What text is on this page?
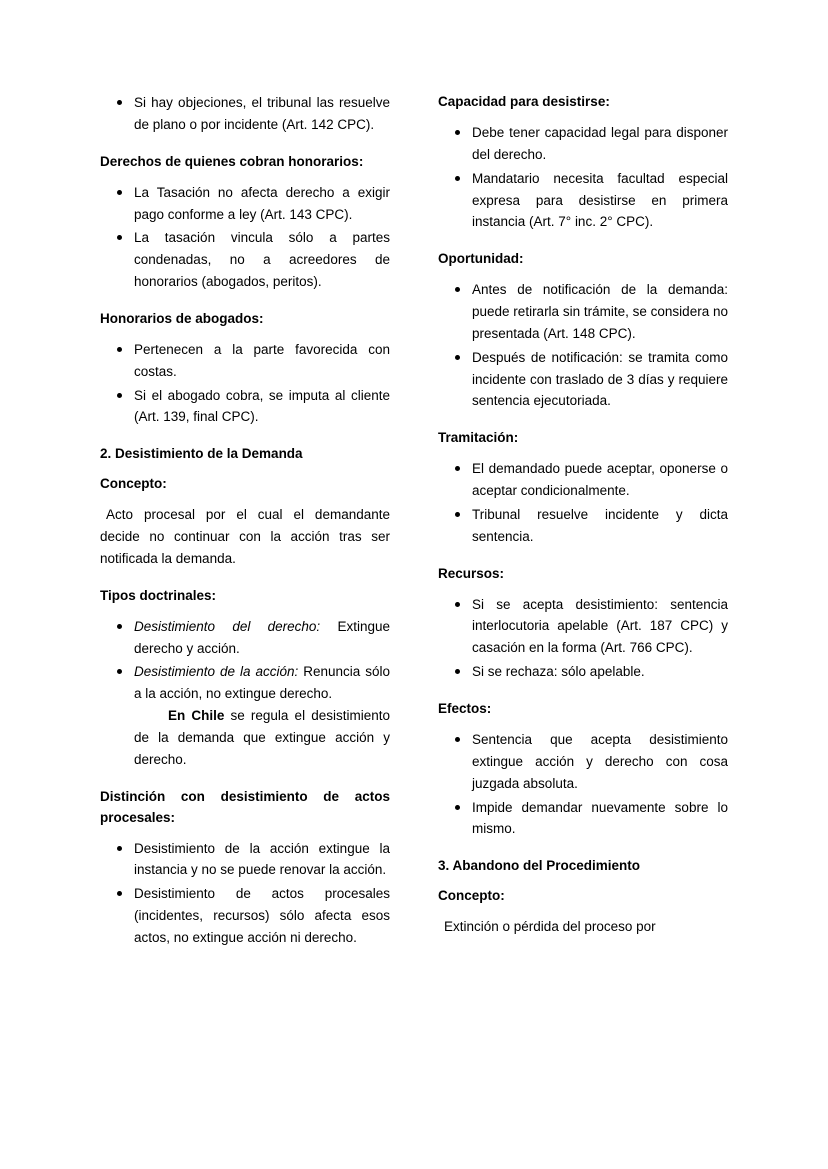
Si hay objeciones, el tribunal las resuelve de plano o por incidente (Art. 142 CPC).
Derechos de quienes cobran honorarios:
La Tasación no afecta derecho a exigir pago conforme a ley (Art. 143 CPC).
La tasación vincula sólo a partes condenadas, no a acreedores de honorarios (abogados, peritos).
Honorarios de abogados:
Pertenecen a la parte favorecida con costas.
Si el abogado cobra, se imputa al cliente (Art. 139, final CPC).
2. Desistimiento de la Demanda
Concepto:
Acto procesal por el cual el demandante decide no continuar con la acción tras ser notificada la demanda.
Tipos doctrinales:
Desistimiento del derecho: Extingue derecho y acción.
Desistimiento de la acción: Renuncia sólo a la acción, no extingue derecho.
En Chile se regula el desistimiento de la demanda que extingue acción y derecho.
Distinción con desistimiento de actos procesales:
Desistimiento de la acción extingue la instancia y no se puede renovar la acción.
Desistimiento de actos procesales (incidentes, recursos) sólo afecta esos actos, no extingue acción ni derecho.
Capacidad para desistirse:
Debe tener capacidad legal para disponer del derecho.
Mandatario necesita facultad especial expresa para desistirse en primera instancia (Art. 7° inc. 2° CPC).
Oportunidad:
Antes de notificación de la demanda: puede retirarla sin trámite, se considera no presentada (Art. 148 CPC).
Después de notificación: se tramita como incidente con traslado de 3 días y requiere sentencia ejecutoriada.
Tramitación:
El demandado puede aceptar, oponerse o aceptar condicionalmente.
Tribunal resuelve incidente y dicta sentencia.
Recursos:
Si se acepta desistimiento: sentencia interlocutoria apelable (Art. 187 CPC) y casación en la forma (Art. 766 CPC).
Si se rechaza: sólo apelable.
Efectos:
Sentencia que acepta desistimiento extingue acción y derecho con cosa juzgada absoluta.
Impide demandar nuevamente sobre lo mismo.
3. Abandono del Procedimiento
Concepto:
Extinción o pérdida del proceso por
